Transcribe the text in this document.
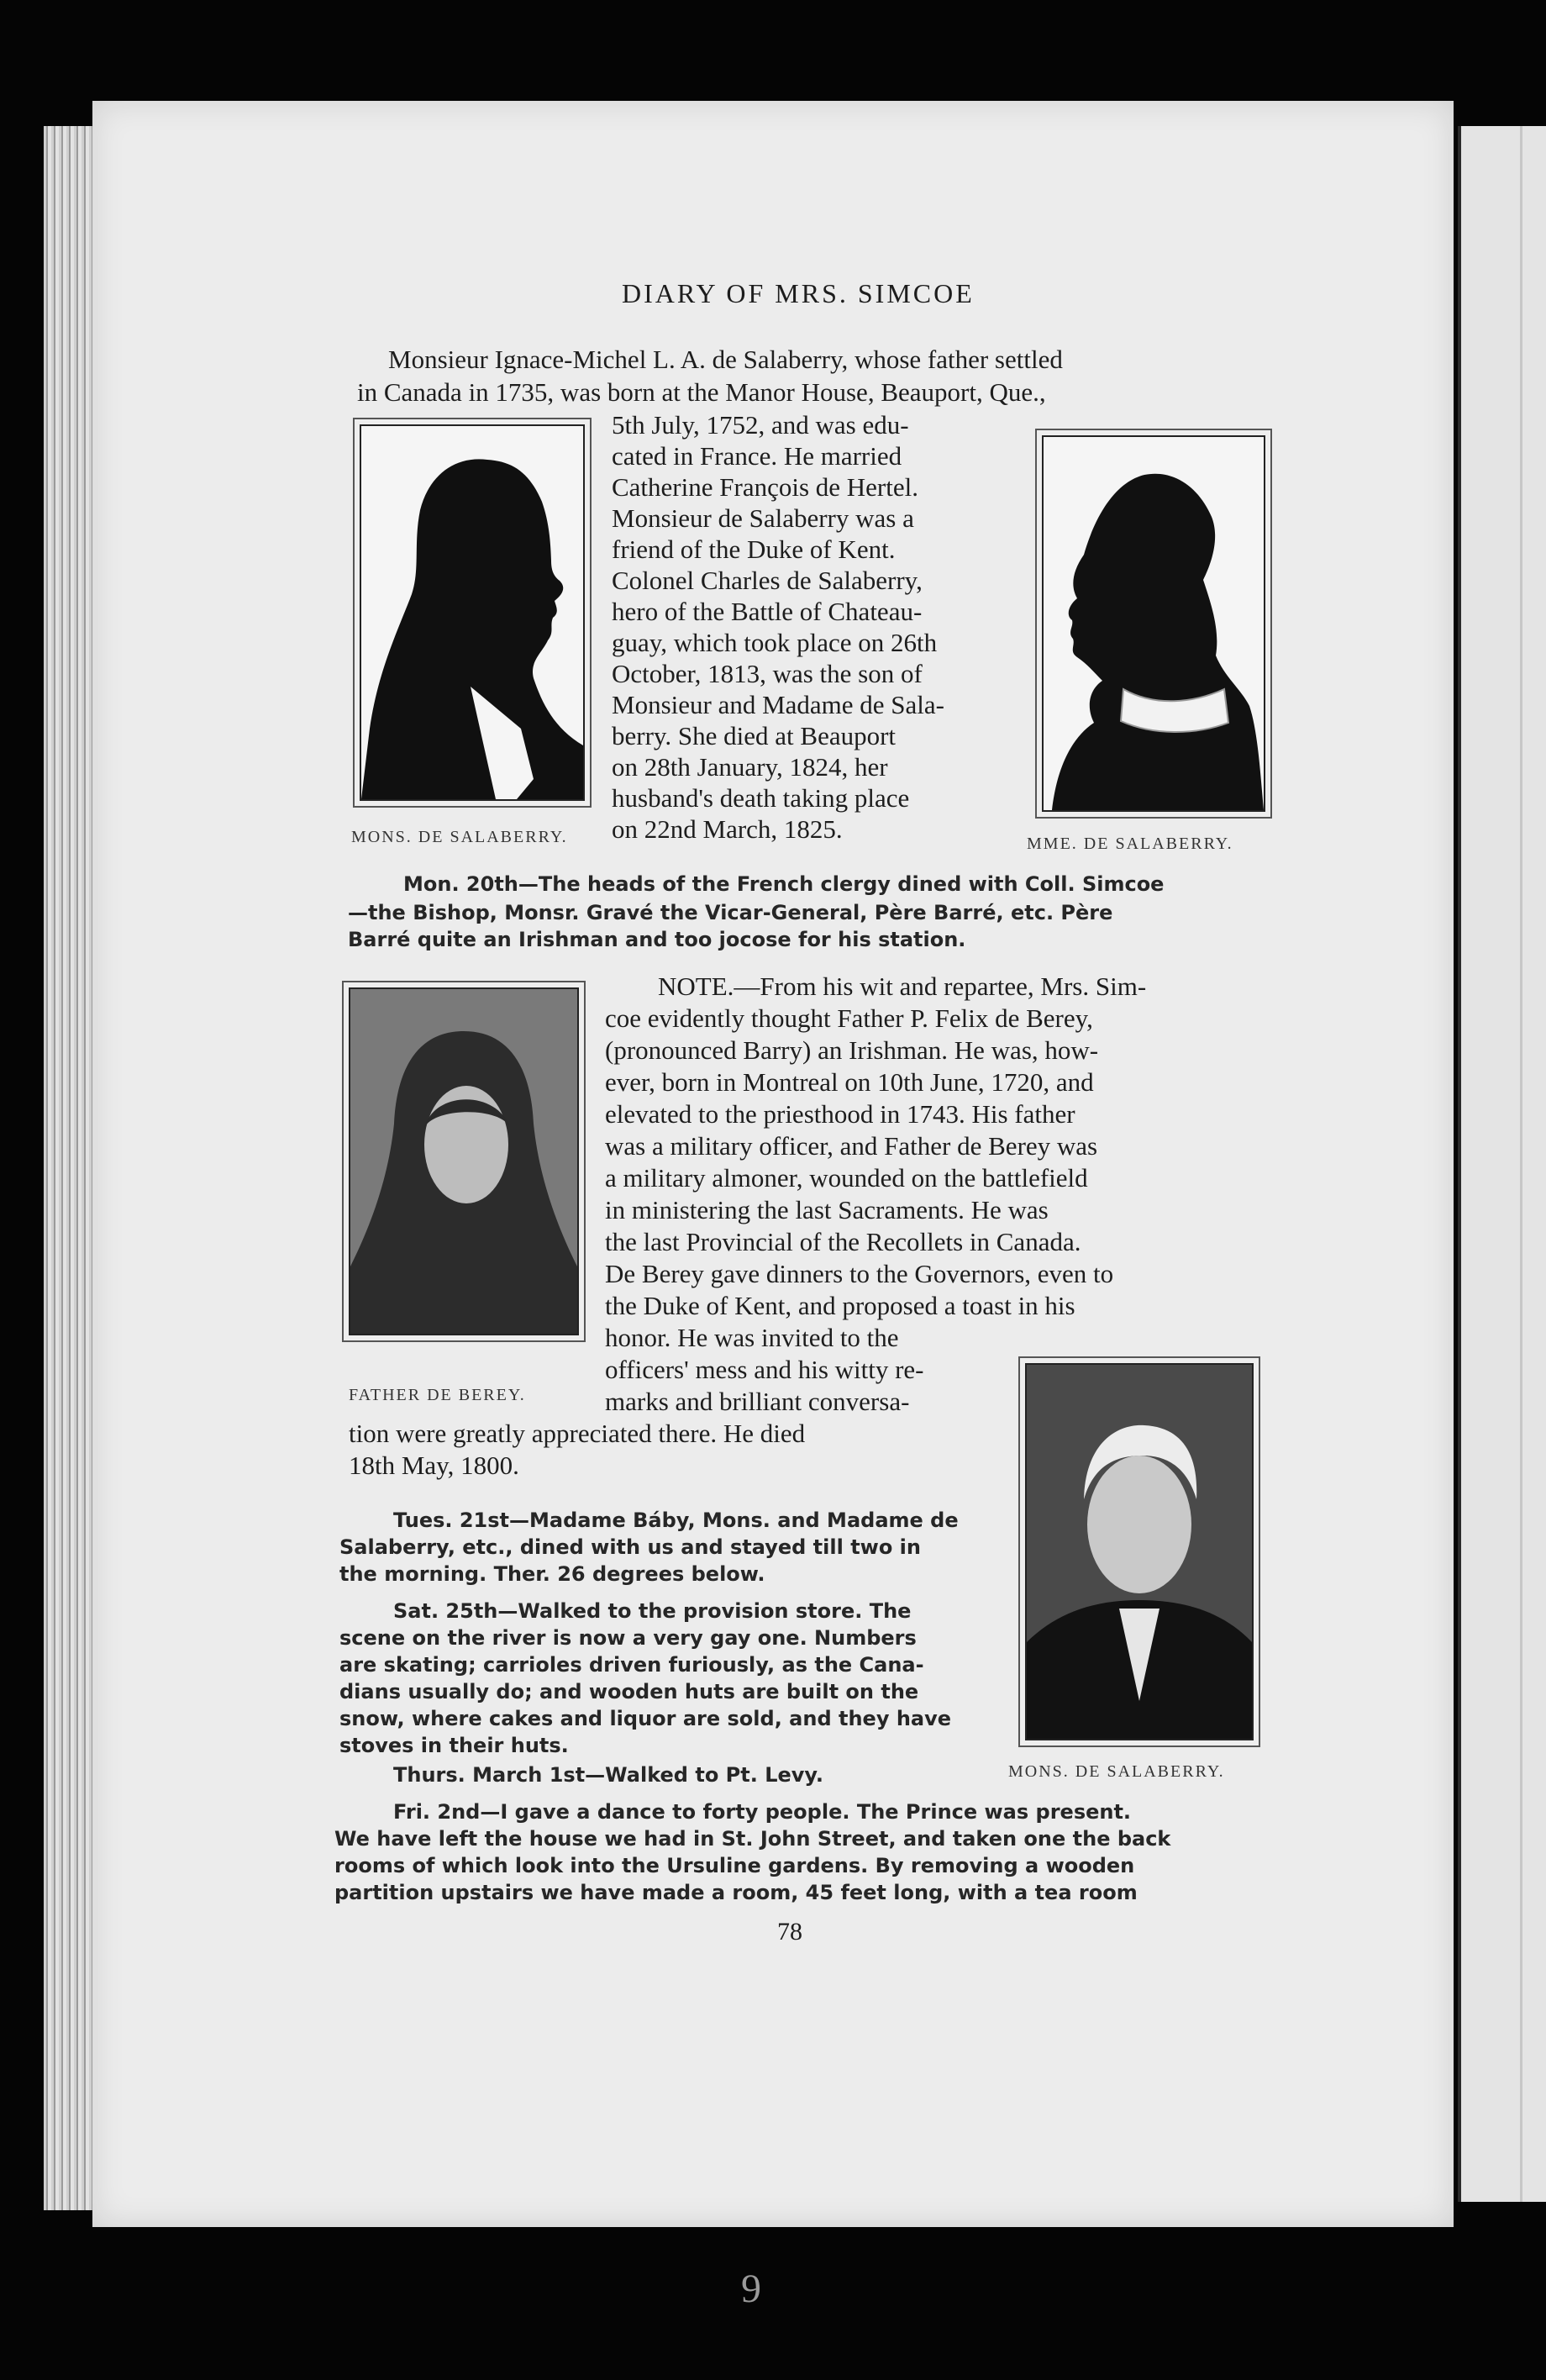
DIARY OF MRS. SIMCOE
Monsieur Ignace-Michel L. A. de Salaberry, whose father settled
in Canada in 1735, was born at the Manor House, Beauport, Que.,
MONS. DE SALABERRY.
5th July, 1752, and was edu-
cated in France. He married
Catherine François de Hertel.
Monsieur de Salaberry was a
friend of the Duke of Kent.
Colonel Charles de Salaberry,
hero of the Battle of Chateau-
guay, which took place on 26th
October, 1813, was the son of
Monsieur and Madame de Sala-
berry. She died at Beauport
on 28th January, 1824, her
husband's death taking place
on 22nd March, 1825.	MME. DE SALABERRY.
Mon. 20th—The heads of the French clergy dined with Coll. Simcoe
—the Bishop, Monsr. Gravé the Vicar-General, Père Barré, etc. Père
Barré quite an Irishman and too jocose for his station.
FATHER DE BEREY.
NOTE.—From his wit and repartee, Mrs. Sim-
coe evidently thought Father P. Felix de Berey,
(pronounced Barry) an Irishman. He was, how-
ever, born in Montreal on 10th June, 1720, and
elevated to the priesthood in 1743. His father
was a military officer, and Father de Berey was
a military almoner, wounded on the battlefield
in ministering the last Sacraments. He was
the last Provincial of the Recollets in Canada.
De Berey gave dinners to the Governors, even to
the Duke of Kent, and proposed a toast in his
honor. He was invited to the
officers' mess and his witty re-
marks and brilliant conversa-
tion were greatly appreciated there. He died
18th May, 1800.
MONS. DE SALABERRY.
Tues. 21st—Madame Báby, Mons. and Madame de
Salaberry, etc., dined with us and stayed till two in
the morning. Ther. 26 degrees below.
Sat. 25th—Walked to the provision store. The
scene on the river is now a very gay one. Numbers
are skating; carrioles driven furiously, as the Cana-
dians usually do; and wooden huts are built on the
snow, where cakes and liquor are sold, and they have
stoves in their huts.
Thurs. March 1st—Walked to Pt. Levy.
Fri. 2nd—I gave a dance to forty people. The Prince was present.
We have left the house we had in St. John Street, and taken one the back
rooms of which look into the Ursuline gardens. By removing a wooden
partition upstairs we have made a room, 45 feet long, with a tea room
78
9
